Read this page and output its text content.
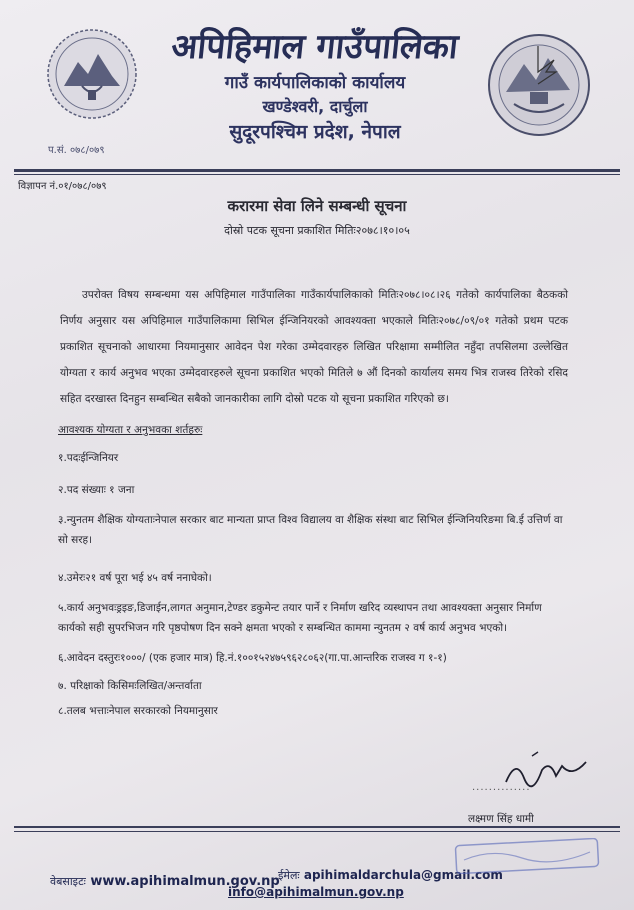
अपिहिमाल गाउँपालिका
गाउँ कार्यपालिकाको कार्यालय
खण्डेश्वरी, दार्चुला
सुदूरपश्चिम प्रदेश, नेपाल
प.सं. ०७८/०७९
विज्ञापन नं.०१/०७८/०७९
करारमा सेवा लिने सम्बन्धी सूचना
दोस्रो पटक सूचना प्रकाशित मितिः२०७८।१०।०५
उपरोक्त विषय सम्बन्धमा यस अपिहिमाल गाउँपालिका गाउँकार्यपालिकाको मितिः२०७८।०८।२६ गतेको कार्यपालिका बैठकको निर्णय अनुसार यस अपिहिमाल गाउँपालिकामा सिभिल ईन्जिनियरको आवश्यक्ता भएकाले मितिः२०७८/०९/०१ गतेको प्रथम पटक प्रकाशित सूचनाको आधारमा नियमानुसार आवेदन पेश गरेका उम्मेदवारहरु लिखित परिक्षामा सम्मीलित नहुँदा तपसिलमा उल्लेखित योग्यता र कार्य अनुभव भएका उम्मेदवारहरुले सूचना प्रकाशित भएको मितिले ७ औं दिनको कार्यालय समय भित्र राजस्व तिरेको रसिद सहित दरखास्त दिनहुन सम्बन्धित सबैको जानकारीका लागि दोस्रो पटक यो सूचना प्रकाशित गरिएको छ।
आवश्यक योग्यता र अनुभवका शर्तहरुः
१.पदःईन्जिनियर
२.पद संख्याः १ जना
३.न्युनतम शैक्षिक योग्यताःनेपाल सरकार बाट मान्यता प्राप्त विश्व विद्यालय वा शैक्षिक संस्था बाट सिभिल ईन्जिनियरिङमा बि.ई उत्तिर्ण वा सो सरह।
४.उमेरः२१ वर्ष पूरा भई ४५ वर्ष ननाघेको।
५.कार्य अनुभवःड्रइङ,डिजाईन,लागत अनुमान,टेण्डर डकुमेन्ट तयार पार्ने र निर्माण खरिद व्यस्थापन तथा आवश्यक्ता अनुसार निर्माण कार्यको सही सुपरभिजन गरि पृष्ठपोषण दिन सक्ने क्षमता भएको र सम्बन्धित काममा न्युनतम २ वर्ष कार्य अनुभव भएको।
६.आवेदन दस्तुरः१०००/ (एक हजार मात्र) हि.नं.१००१५२४७५९६२८०६२(गा.पा.आन्तरिक राजस्व ग १-१)
७. परिक्षाको किसिमःलिखित/अन्तर्वाता
८.तलब भत्ताःनेपाल सरकारको नियमानुसार
..............
लक्ष्मण सिंह धामी
वेबसाइटः www.apihimalmun.gov.np
ईमेलः apihimaldarchula@gmail.com
info@apihimalmun.gov.np
